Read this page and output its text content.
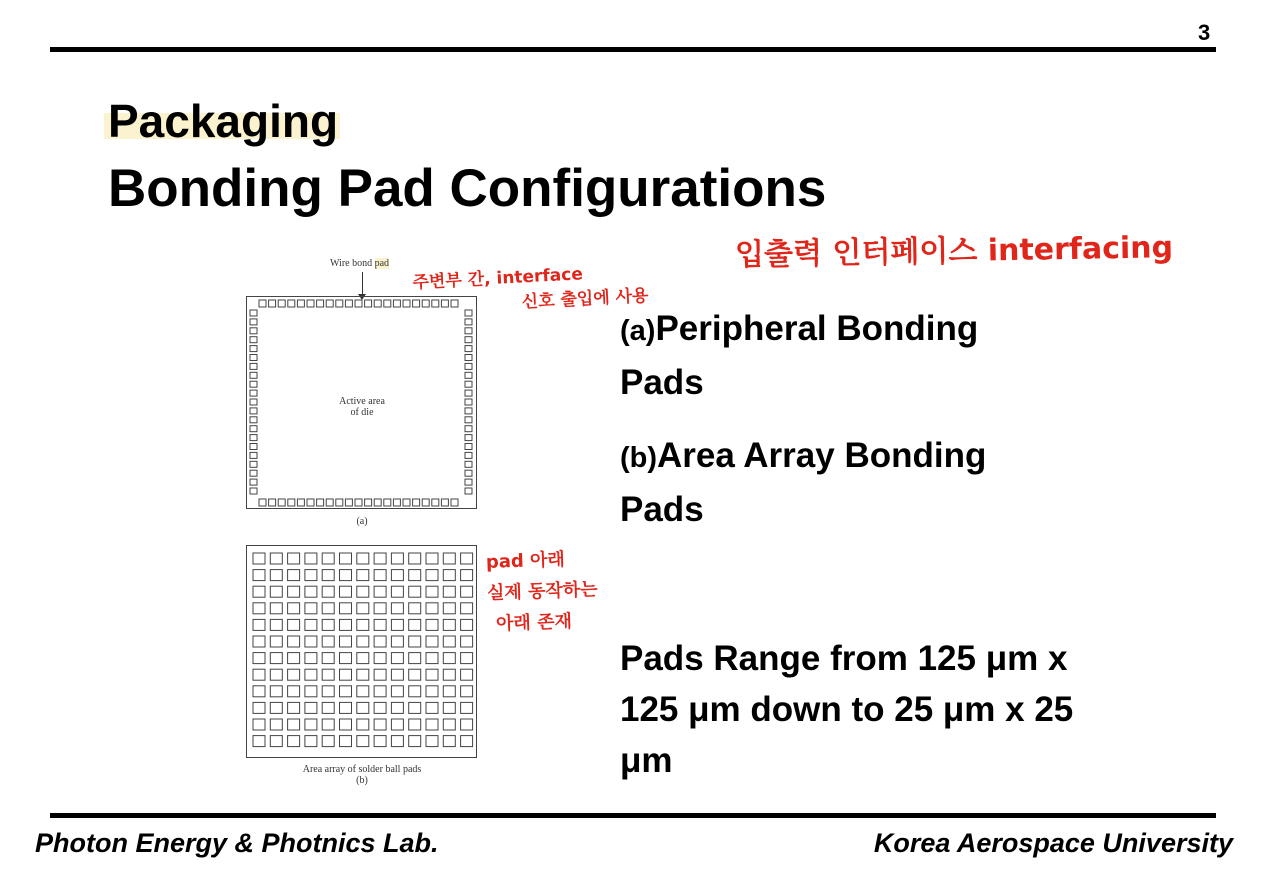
3
Packaging
Bonding Pad Configurations
Wire bond pad
Active area
of die
(a)
Area array of solder ball pads
(b)
(a)Peripheral Bonding
Pads
(b)Area Array Bonding
Pads
Pads Range from 125 μm x
125 μm down to 25 μm x 25
μm
입출력 인터페이스 interfacing
주변부 간, interface
신호 출입에 사용
pad 아래
실제 동작하는
아래 존재
Photon Energy & Photnics Lab.	Korea Aerospace University
